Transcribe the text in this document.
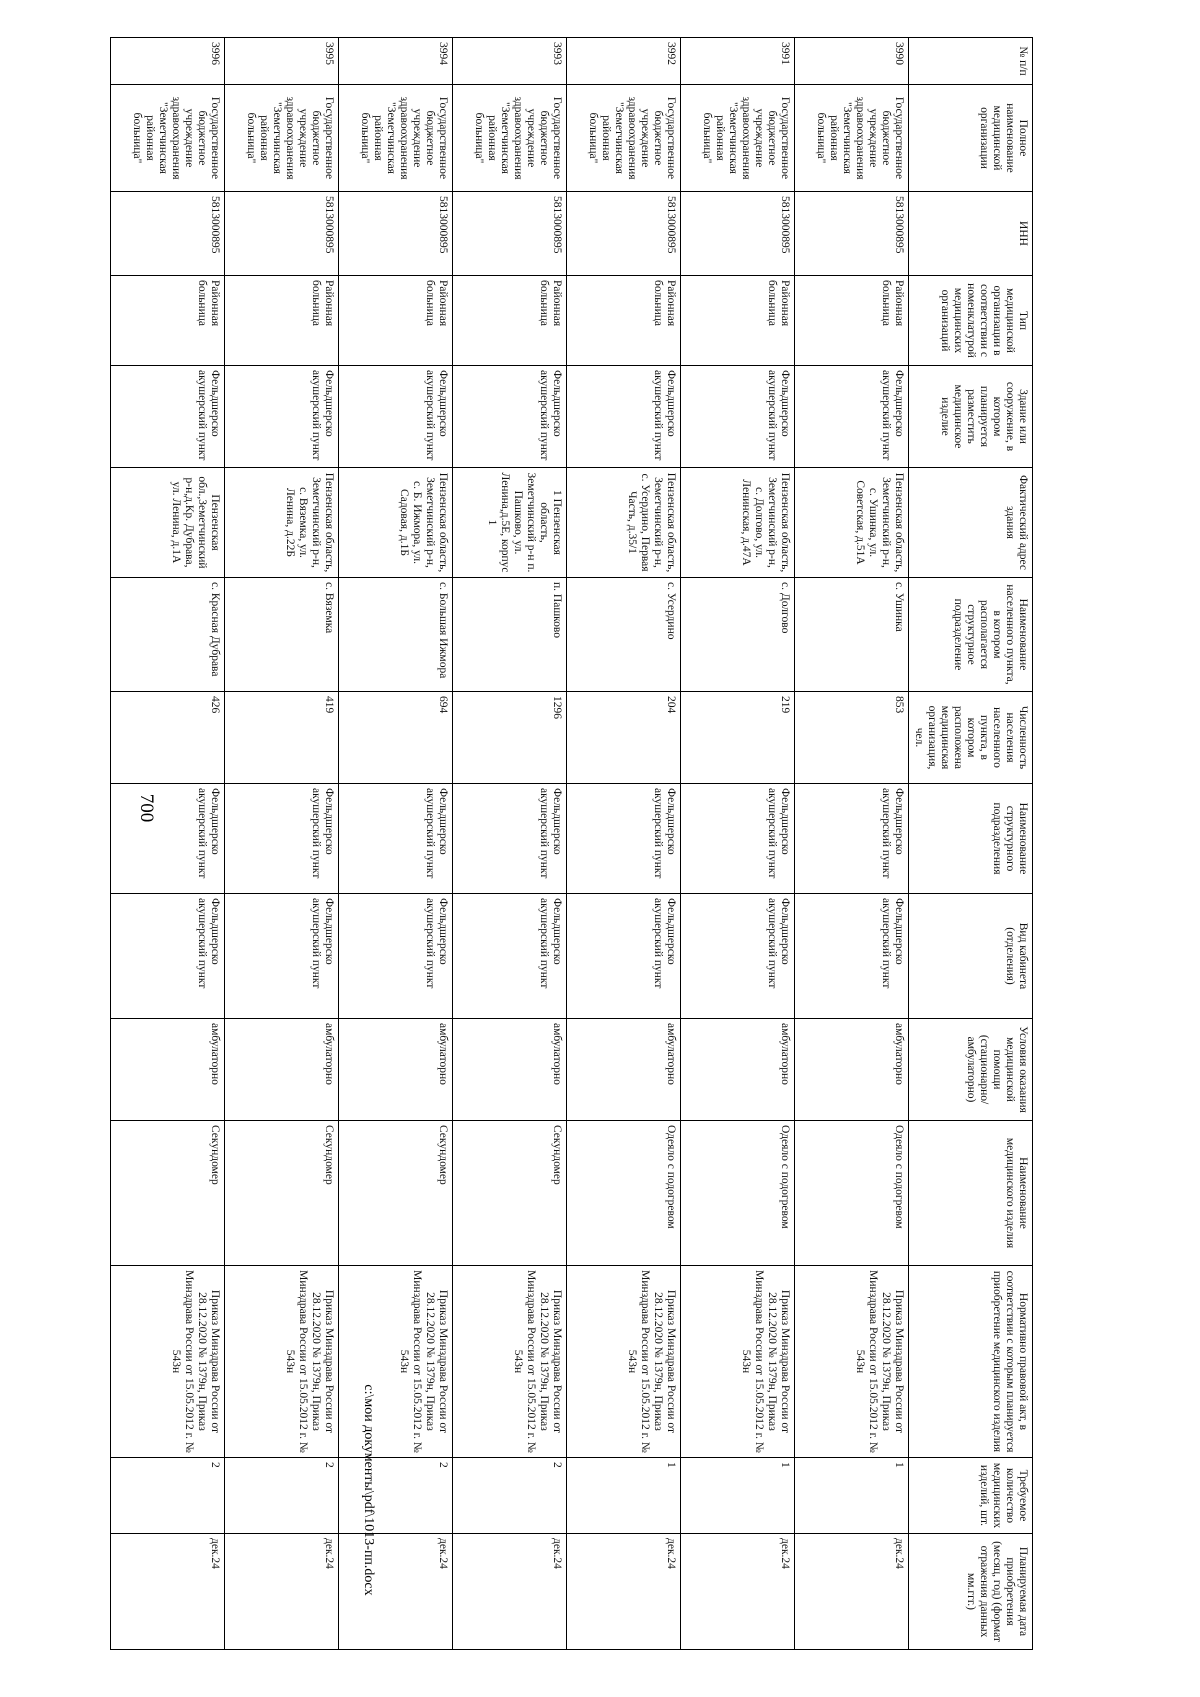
700
№ п/п	Полное наименование медицинской организации	ИНН	Тип медицинской организации в соответствии с номенклатурой медицинских организаций	Здание или сооружение, в котором планируется разместить медицинское изделие	Фактический адрес здания	Наименование населенного пункта, в котором располагается структурное подразделение	Численность населения населенного пункта, в котором расположена медицинская организация, чел.	Наименование структурного подразделения	Вид кабинета (отделения)	Условия оказания медицинской помощи (стационарно/амбулаторно)	Наименование медицинского изделия	Нормативно правовой акт, в соответствии с которым планируется приобретение медицинского изделия	Требуемое количество медицинских изделий, шт.	Планируемая дата приобретения (месяц, год) (формат отражения данных мм.ггг.)
3990	Государственное бюджетное учреждение здравоохранения "Земетчинская районная больница"	5813000895	Районная больница	Фельдшерско акушерский пункт	Пензенская область, Земетчинский р-н, с. Ушинка, ул. Советская, д.51А	с. Ушинка	853	Фельдшерско акушерский пункт	Фельдшерско акушерский пункт	амбулаторно	Одеяло с подогревом	Приказ Минздрава России от 28.12.2020 № 1379н, Приказ Минздрава России от 15.05.2012 г. № 543н	1	дек.24
3991	Государственное бюджетное учреждение здравоохранения "Земетчинская районная больница"	5813000895	Районная больница	Фельдшерско акушерский пункт	Пензенская область, Земетчинский р-н, с. Долгово, ул. Ленинская, д.47А	с. Долгово	219	Фельдшерско акушерский пункт	Фельдшерско акушерский пункт	амбулаторно	Одеяло с подогревом	Приказ Минздрава России от 28.12.2020 № 1379н, Приказ Минздрава России от 15.05.2012 г. № 543н	1	дек.24
3992	Государственное бюджетное учреждение здравоохранения "Земетчинская районная больница"	5813000895	Районная больница	Фельдшерско акушерский пункт	Пензенская область, Земетчинский р-н, с. Усердино, Первая Часть, д.35/1	с. Усердино	204	Фельдшерско акушерский пункт	Фельдшерско акушерский пункт	амбулаторно	Одеяло с подогревом	Приказ Минздрава России от 28.12.2020 № 1379н, Приказ Минздрава России от 15.05.2012 г. № 543н	1	дек.24
3993	Государственное бюджетное учреждение здравоохранения "Земетчинская районная больница"	5813000895	Районная больница	Фельдшерско акушерский пункт	1 Пензенская область, Земетчинский р-н п. Пашково, ул. Ленина,д.5Е, корпус 1	п. Пашково	1296	Фельдшерско акушерский пункт	Фельдшерско акушерский пункт	амбулаторно	Секундомер	Приказ Минздрава России от 28.12.2020 № 1379н, Приказ Минздрава России от 15.05.2012 г. № 543н	2	дек.24
3994	Государственное бюджетное учреждение здравоохранения "Земетчинская районная больница"	5813000895	Районная больница	Фельдшерско акушерский пункт	Пензенская область, Земетчинский р-н, с. Б. Ижмора, ул. Садовая, д.1Б	с. Большая Ижмора	694	Фельдшерско акушерский пункт	Фельдшерско акушерский пункт	амбулаторно	Секундомер	Приказ Минздрава России от 28.12.2020 № 1379н, Приказ Минздрава России от 15.05.2012 г. № 543н	2	дек.24
3995	Государственное бюджетное учреждение здравоохранения "Земетчинская районная больница"	5813000895	Районная больница	Фельдшерско акушерский пункт	Пензенская область, Земетчинский р-н, с. Вяземка, ул. Ленина, д.22Б	с. Вяземка	419	Фельдшерско акушерский пункт	Фельдшерско акушерский пункт	амбулаторно	Секундомер	Приказ Минздрава России от 28.12.2020 № 1379н, Приказ Минздрава России от 15.05.2012 г. № 543н	2	дек.24
3996	Государственное бюджетное учреждение здравоохранения "Земетчинская районная больница"	5813000895	Районная больница	Фельдшерско акушерский пункт	Пензенская обл.,Земетчинский р-н,д.Кр. Дубрава, ул. Ленина, д.1А	с. Красная Дубрава	426	Фельдшерско акушерский пункт	Фельдшерско акушерский пункт	амбулаторно	Секундомер	Приказ Минздрава России от 28.12.2020 № 1379н, Приказ Минздрава России от 15.05.2012 г. № 543н	2	дек.24	c:\мои документы\pdf\1013-пп.docx
